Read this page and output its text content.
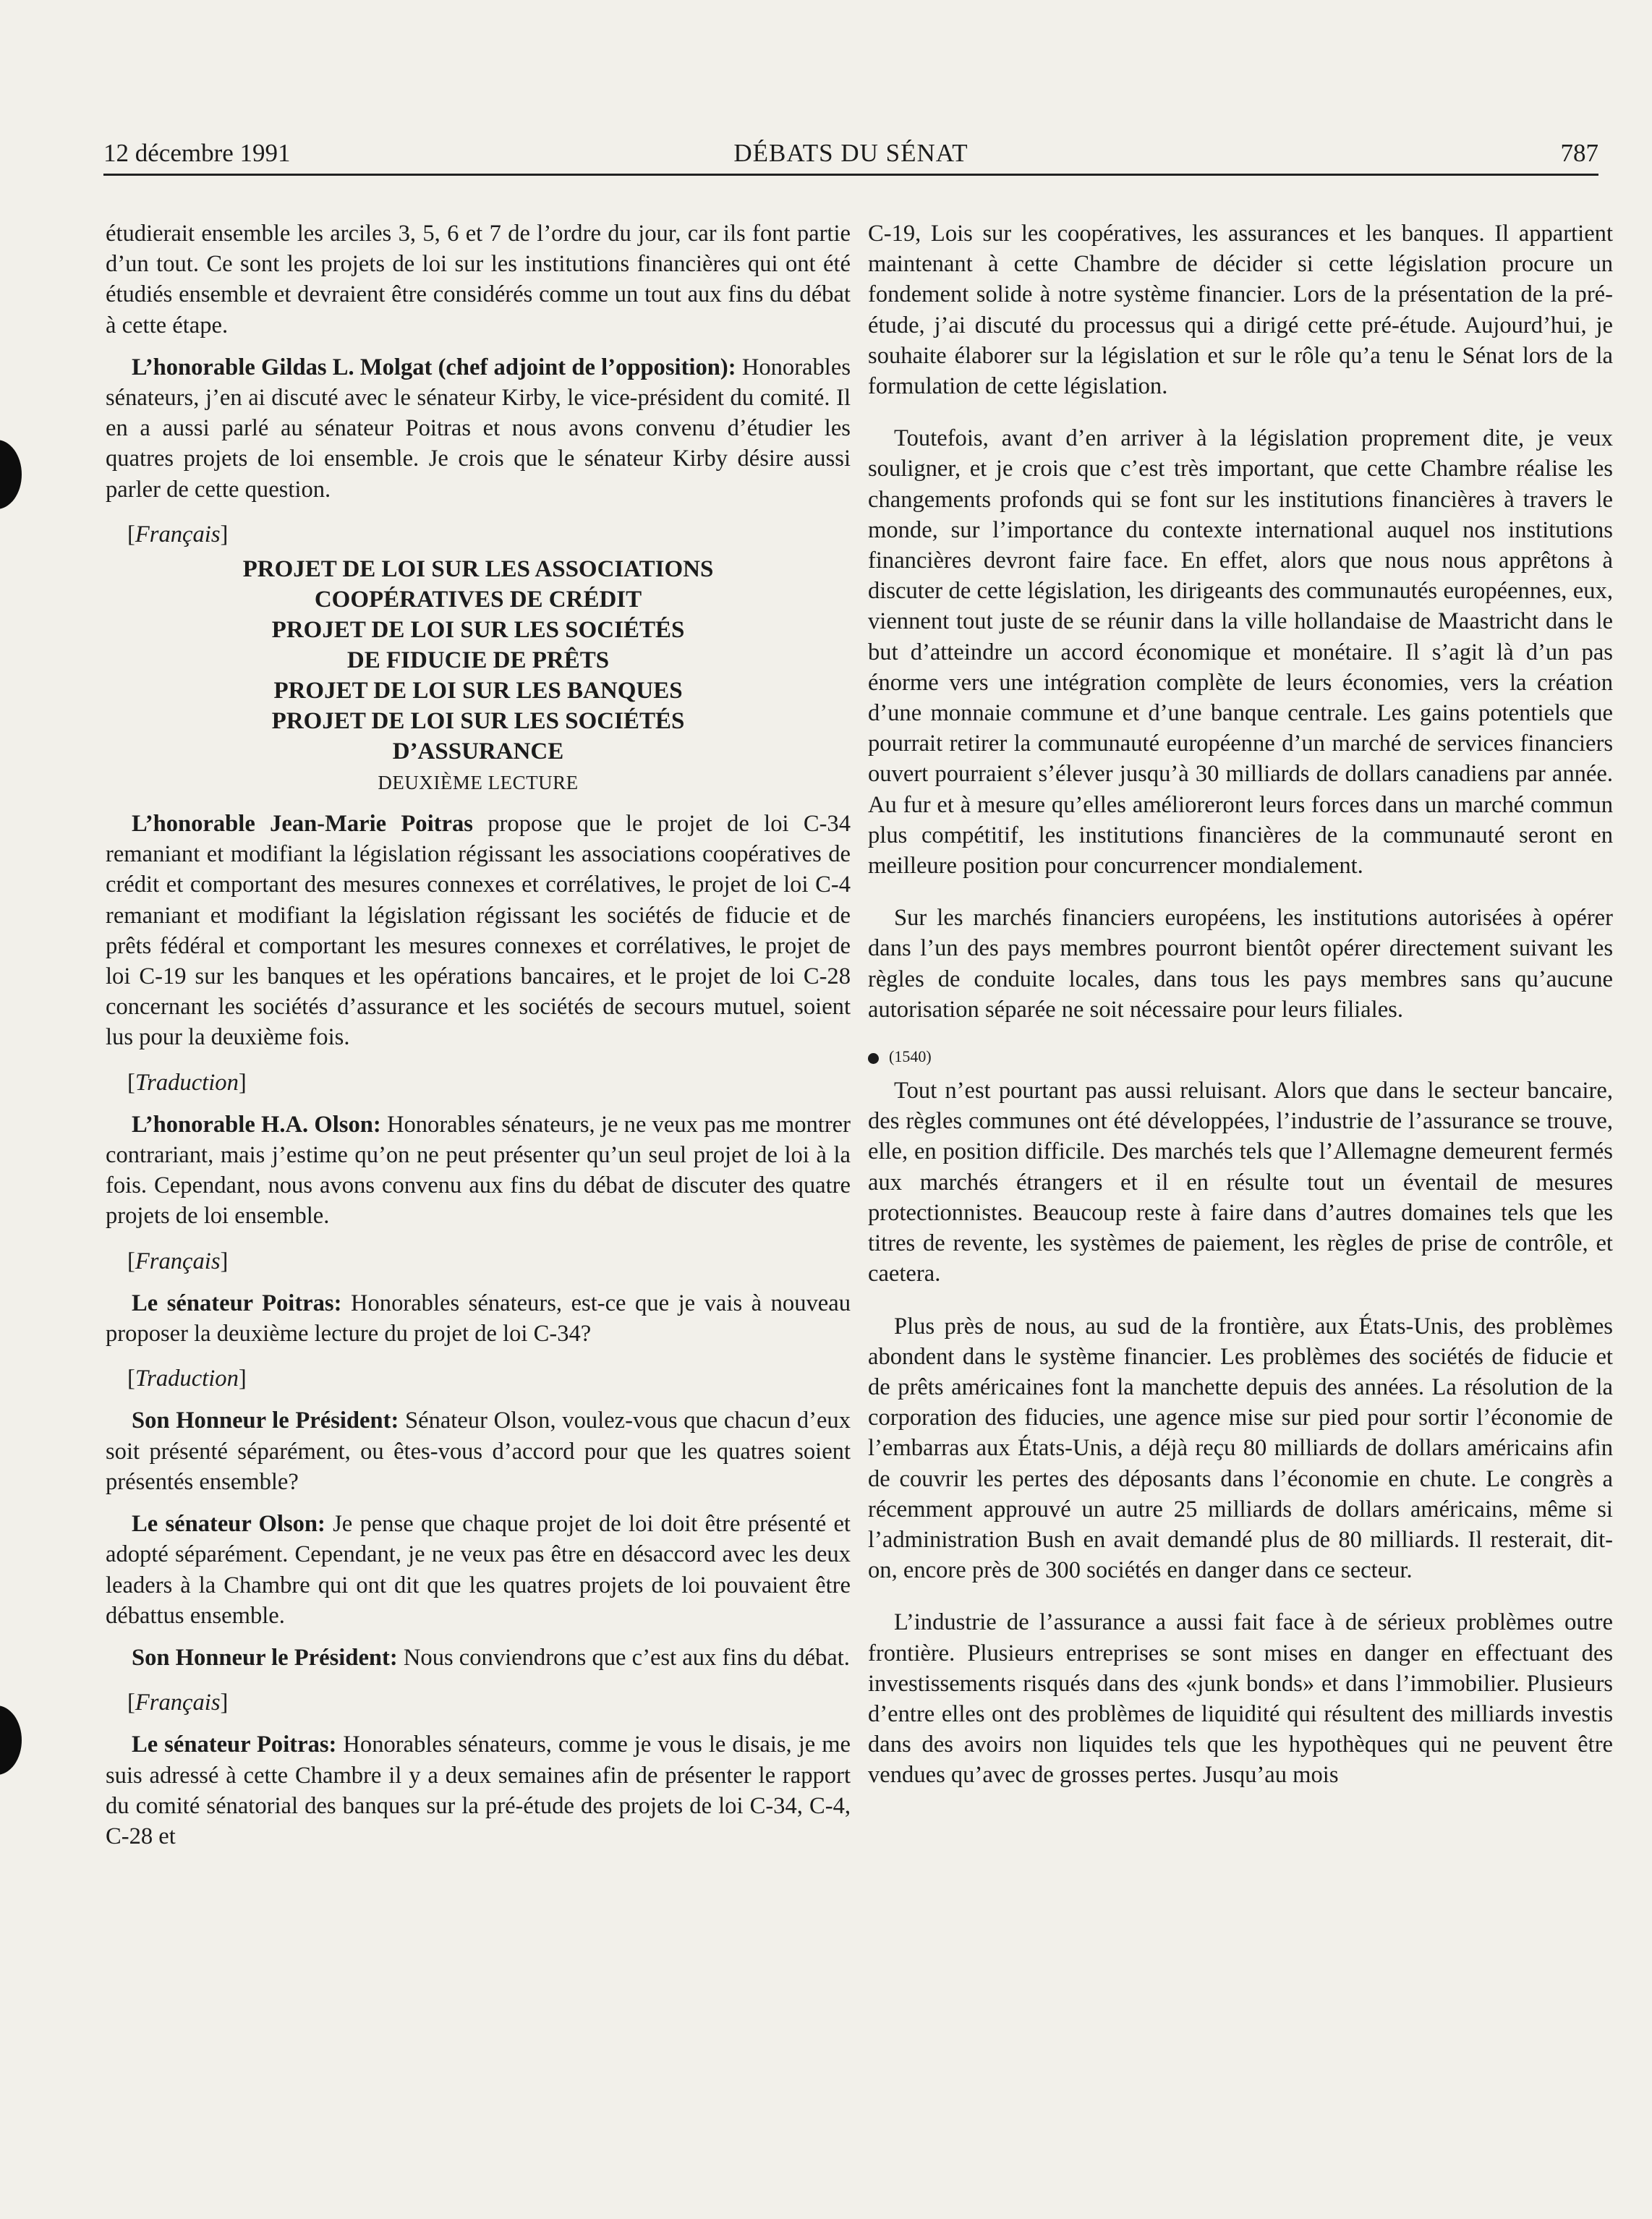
12 décembre 1991	DÉBATS DU SÉNAT	787

étudierait ensemble les arciles 3, 5, 6 et 7 de l’ordre du jour, car ils font partie d’un tout. Ce sont les projets de loi sur les institutions financières qui ont été étudiés ensemble et devraient être considérés comme un tout aux fins du débat à cette étape.

L’honorable Gildas L. Molgat (chef adjoint de l’opposition): Honorables sénateurs, j’en ai discuté avec le sénateur Kirby, le vice-président du comité. Il en a aussi parlé au sénateur Poitras et nous avons convenu d’étudier les quatres projets de loi ensemble. Je crois que le sénateur Kirby désire aussi parler de cette question.

[Français]

PROJET DE LOI SUR LES ASSOCIATIONS
COOPÉRATIVES DE CRÉDIT
PROJET DE LOI SUR LES SOCIÉTÉS
DE FIDUCIE DE PRÊTS
PROJET DE LOI SUR LES BANQUES
PROJET DE LOI SUR LES SOCIÉTÉS
D’ASSURANCE
DEUXIÈME LECTURE

L’honorable Jean-Marie Poitras propose que le projet de loi C-34 remaniant et modifiant la législation régissant les associations coopératives de crédit et comportant des mesures connexes et corrélatives, le projet de loi C-4 remaniant et modifiant la législation régissant les sociétés de fiducie et de prêts fédéral et comportant les mesures connexes et corrélatives, le projet de loi C-19 sur les banques et les opérations bancaires, et le projet de loi C-28 concernant les sociétés d’assurance et les sociétés de secours mutuel, soient lus pour la deuxième fois.

[Traduction]

L’honorable H.A. Olson: Honorables sénateurs, je ne veux pas me montrer contrariant, mais j’estime qu’on ne peut présenter qu’un seul projet de loi à la fois. Cependant, nous avons convenu aux fins du débat de discuter des quatre projets de loi ensemble.

[Français]

Le sénateur Poitras: Honorables sénateurs, est-ce que je vais à nouveau proposer la deuxième lecture du projet de loi C-34?

[Traduction]

Son Honneur le Président: Sénateur Olson, voulez-vous que chacun d’eux soit présenté séparément, ou êtes-vous d’accord pour que les quatres soient présentés ensemble?

Le sénateur Olson: Je pense que chaque projet de loi doit être présenté et adopté séparément. Cependant, je ne veux pas être en désaccord avec les deux leaders à la Chambre qui ont dit que les quatres projets de loi pouvaient être débattus ensemble.

Son Honneur le Président: Nous conviendrons que c’est aux fins du débat.

[Français]

Le sénateur Poitras: Honorables sénateurs, comme je vous le disais, je me suis adressé à cette Chambre il y a deux semaines afin de présenter le rapport du comité sénatorial des banques sur la pré-étude des projets de loi C-34, C-4, C-28 et

C-19, Lois sur les coopératives, les assurances et les banques. Il appartient maintenant à cette Chambre de décider si cette législation procure un fondement solide à notre système financier. Lors de la présentation de la pré-étude, j’ai discuté du processus qui a dirigé cette pré-étude. Aujourd’hui, je souhaite élaborer sur la législation et sur le rôle qu’a tenu le Sénat lors de la formulation de cette législation.

Toutefois, avant d’en arriver à la législation proprement dite, je veux souligner, et je crois que c’est très important, que cette Chambre réalise les changements profonds qui se font sur les institutions financières à travers le monde, sur l’importance du contexte international auquel nos institutions financières devront faire face. En effet, alors que nous nous apprêtons à discuter de cette législation, les dirigeants des communautés européennes, eux, viennent tout juste de se réunir dans la ville hollandaise de Maastricht dans le but d’atteindre un accord économique et monétaire. Il s’agit là d’un pas énorme vers une intégration complète de leurs économies, vers la création d’une monnaie commune et d’une banque centrale. Les gains potentiels que pourrait retirer la communauté européenne d’un marché de services financiers ouvert pourraient s’élever jusqu’à 30 milliards de dollars canadiens par année. Au fur et à mesure qu’elles amélioreront leurs forces dans un marché commun plus compétitif, les institutions financières de la communauté seront en meilleure position pour concurrencer mondialement.

Sur les marchés financiers européens, les institutions autorisées à opérer dans l’un des pays membres pourront bientôt opérer directement suivant les règles de conduite locales, dans tous les pays membres sans qu’aucune autorisation séparée ne soit nécessaire pour leurs filiales.

(1540)

Tout n’est pourtant pas aussi reluisant. Alors que dans le secteur bancaire, des règles communes ont été développées, l’industrie de l’assurance se trouve, elle, en position difficile. Des marchés tels que l’Allemagne demeurent fermés aux marchés étrangers et il en résulte tout un éventail de mesures protectionnistes. Beaucoup reste à faire dans d’autres domaines tels que les titres de revente, les systèmes de paiement, les règles de prise de contrôle, et caetera.

Plus près de nous, au sud de la frontière, aux États-Unis, des problèmes abondent dans le système financier. Les problèmes des sociétés de fiducie et de prêts américaines font la manchette depuis des années. La résolution de la corporation des fiducies, une agence mise sur pied pour sortir l’économie de l’embarras aux États-Unis, a déjà reçu 80 milliards de dollars américains afin de couvrir les pertes des déposants dans l’économie en chute. Le congrès a récemment approuvé un autre 25 milliards de dollars américains, même si l’administration Bush en avait demandé plus de 80 milliards. Il resterait, dit-on, encore près de 300 sociétés en danger dans ce secteur.

L’industrie de l’assurance a aussi fait face à de sérieux problèmes outre frontière. Plusieurs entreprises se sont mises en danger en effectuant des investissements risqués dans des «junk bonds» et dans l’immobilier. Plusieurs d’entre elles ont des problèmes de liquidité qui résultent des milliards investis dans des avoirs non liquides tels que les hypothèques qui ne peuvent être vendues qu’avec de grosses pertes. Jusqu’au mois
